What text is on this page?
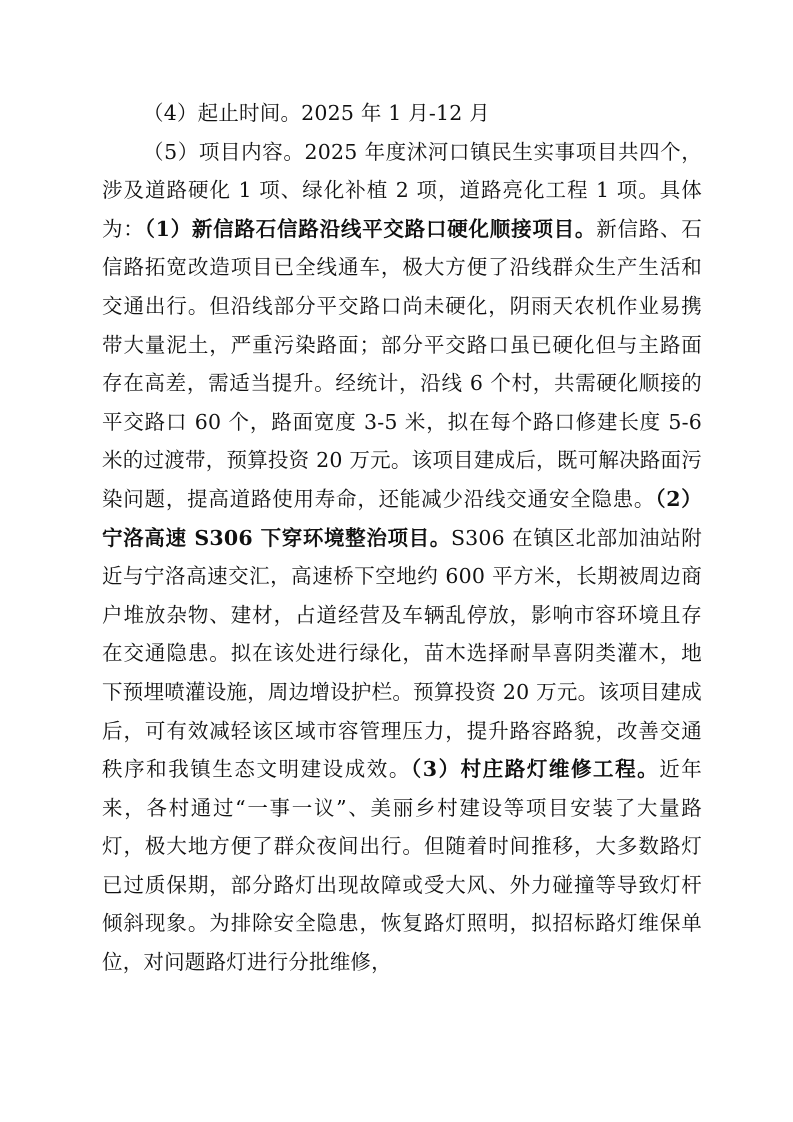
（4）起止时间。2025 年 1 月-12 月

（5）项目内容。2025 年度沭河口镇民生实事项目共四个，涉及道路硬化 1 项、绿化补植 2 项，道路亮化工程 1 项。具体为：（1）新信路石信路沿线平交路口硬化顺接项目。新信路、石信路拓宽改造项目已全线通车，极大方便了沿线群众生产生活和交通出行。但沿线部分平交路口尚未硬化，阴雨天农机作业易携带大量泥土，严重污染路面；部分平交路口虽已硬化但与主路面存在高差，需适当提升。经统计，沿线 6 个村，共需硬化顺接的平交路口 60 个，路面宽度 3-5 米，拟在每个路口修建长度 5-6 米的过渡带，预算投资 20 万元。该项目建成后，既可解决路面污染问题，提高道路使用寿命，还能减少沿线交通安全隐患。（2）宁洛高速 S306 下穿环境整治项目。S306 在镇区北部加油站附近与宁洛高速交汇，高速桥下空地约 600 平方米，长期被周边商户堆放杂物、建材，占道经营及车辆乱停放，影响市容环境且存在交通隐患。拟在该处进行绿化，苗木选择耐旱喜阴类灌木，地下预埋喷灌设施，周边增设护栏。预算投资 20 万元。该项目建成后，可有效减轻该区域市容管理压力，提升路容路貌，改善交通秩序和我镇生态文明建设成效。（3）村庄路灯维修工程。近年来，各村通过“一事一议”、美丽乡村建设等项目安装了大量路灯，极大地方便了群众夜间出行。但随着时间推移，大多数路灯已过质保期，部分路灯出现故障或受大风、外力碰撞等导致灯杆倾斜现象。为排除安全隐患，恢复路灯照明，拟招标路灯维保单位，对问题路灯进行分批维修，
